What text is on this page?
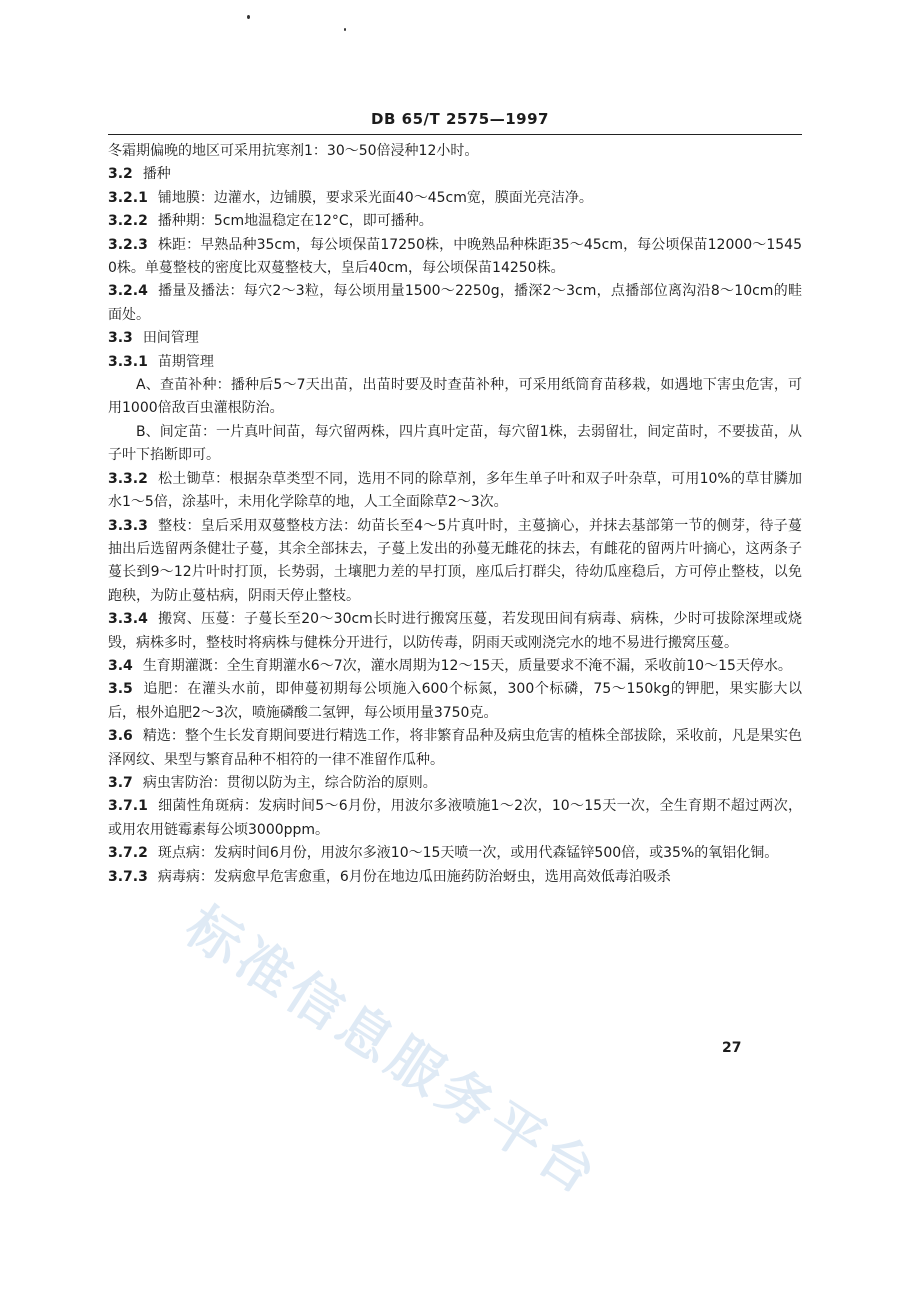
DB 65/T 2575—1997

冬霜期偏晚的地区可采用抗寒剂1：30～50倍浸种12小时。

3.2 播种

3.2.1 铺地膜：边灌水，边铺膜，要求采光面40～45cm宽，膜面光亮洁净。

3.2.2 播种期：5cm地温稳定在12°C，即可播种。

3.2.3 株距：早熟品种35cm，每公顷保苗17250株，中晚熟品种株距35～45cm，每公顷保苗12000～15450株。单蔓整枝的密度比双蔓整枝大，皇后40cm，每公顷保苗14250株。

3.2.4 播量及播法：每穴2～3粒，每公顷用量1500～2250g，播深2～3cm，点播部位离沟沿8～10cm的畦面处。

3.3 田间管理

3.3.1 苗期管理

A、查苗补种：播种后5～7天出苗，出苗时要及时查苗补种，可采用纸筒育苗移栽，如遇地下害虫危害，可用1000倍敌百虫灌根防治。

B、间定苗：一片真叶间苗，每穴留两株，四片真叶定苗，每穴留1株，去弱留壮，间定苗时，不要拔苗，从子叶下掐断即可。

3.3.2 松土锄草：根据杂草类型不同，选用不同的除草剂，多年生单子叶和双子叶杂草，可用10%的草甘膦加水1～5倍，涂基叶，未用化学除草的地，人工全面除草2～3次。

3.3.3 整枝：皇后采用双蔓整枝方法：幼苗长至4～5片真叶时，主蔓摘心，并抹去基部第一节的侧芽，待子蔓抽出后选留两条健壮子蔓，其余全部抹去，子蔓上发出的孙蔓无雌花的抹去，有雌花的留两片叶摘心，这两条子蔓长到9～12片叶时打顶，长势弱，土壤肥力差的早打顶，座瓜后打群尖，待幼瓜座稳后，方可停止整枝，以免跑秧，为防止蔓枯病，阴雨天停止整枝。

3.3.4 搬窝、压蔓：子蔓长至20～30cm长时进行搬窝压蔓，若发现田间有病毒、病株，少时可拔除深埋或烧毁，病株多时，整枝时将病株与健株分开进行，以防传毒，阴雨天或刚浇完水的地不易进行搬窝压蔓。

3.4 生育期灌溉：全生育期灌水6～7次，灌水周期为12～15天，质量要求不淹不漏，采收前10～15天停水。

3.5 追肥：在灌头水前，即伸蔓初期每公顷施入600个标氮，300个标磷，75～150kg的钾肥，果实膨大以后，根外追肥2～3次，喷施磷酸二氢钾，每公顷用量3750克。

3.6 精选：整个生长发育期间要进行精选工作，将非繁育品种及病虫危害的植株全部拔除，采收前，凡是果实色泽网纹、果型与繁育品种不相符的一律不准留作瓜种。

3.7 病虫害防治：贯彻以防为主，综合防治的原则。

3.7.1 细菌性角斑病：发病时间5～6月份，用波尔多液喷施1～2次，10～15天一次，全生育期不超过两次，或用农用链霉素每公顷3000ppm。

3.7.2 斑点病：发病时间6月份，用波尔多液10～15天喷一次，或用代森锰锌500倍，或35%的氧铝化铜。

3.7.3 病毒病：发病愈早危害愈重，6月份在地边瓜田施药防治蚜虫，选用高效低毒泊吸杀

标准信息服务平台	27
